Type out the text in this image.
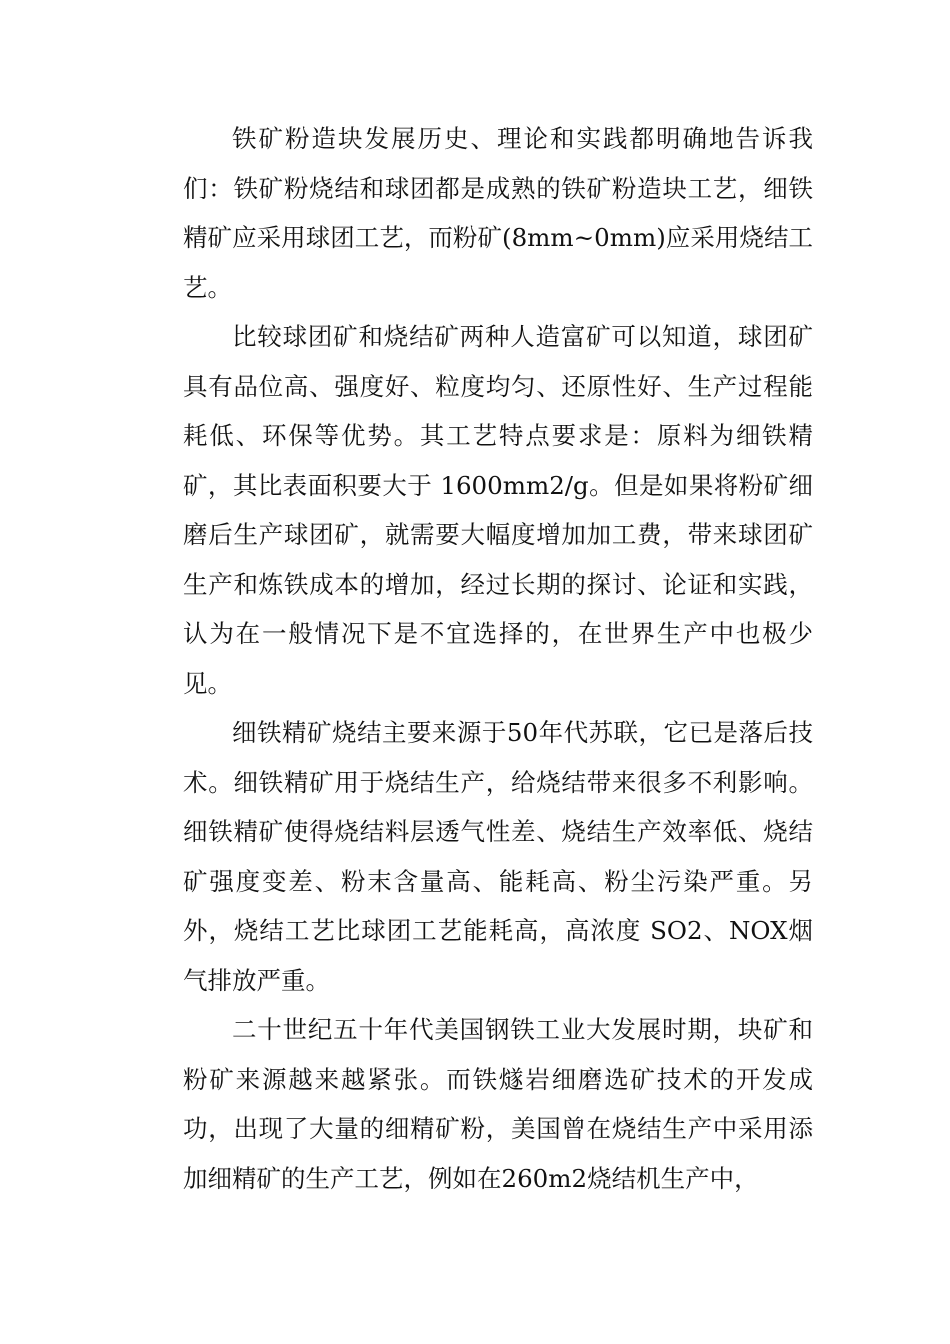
铁矿粉造块发展历史、理论和实践都明确地告诉我们：铁矿粉烧结和球团都是成熟的铁矿粉造块工艺，细铁精矿应采用球团工艺，而粉矿(8mm~0mm)应采用烧结工艺。

比较球团矿和烧结矿两种人造富矿可以知道，球团矿具有品位高、强度好、粒度均匀、还原性好、生产过程能耗低、环保等优势。其工艺特点要求是：原料为细铁精矿，其比表面积要大于 1600mm2/g。但是如果将粉矿细磨后生产球团矿，就需要大幅度增加加工费，带来球团矿生产和炼铁成本的增加，经过长期的探讨、论证和实践，认为在一般情况下是不宜选择的，在世界生产中也极少见。

细铁精矿烧结主要来源于50年代苏联，它已是落后技术。细铁精矿用于烧结生产，给烧结带来很多不利影响。细铁精矿使得烧结料层透气性差、烧结生产效率低、烧结矿强度变差、粉末含量高、能耗高、粉尘污染严重。另外，烧结工艺比球团工艺能耗高，高浓度 SO2、NOX烟气排放严重。

二十世纪五十年代美国钢铁工业大发展时期，块矿和粉矿来源越来越紧张。而铁燧岩细磨选矿技术的开发成功，出现了大量的细精矿粉，美国曾在烧结生产中采用添加细精矿的生产工艺，例如在260m2烧结机生产中，
